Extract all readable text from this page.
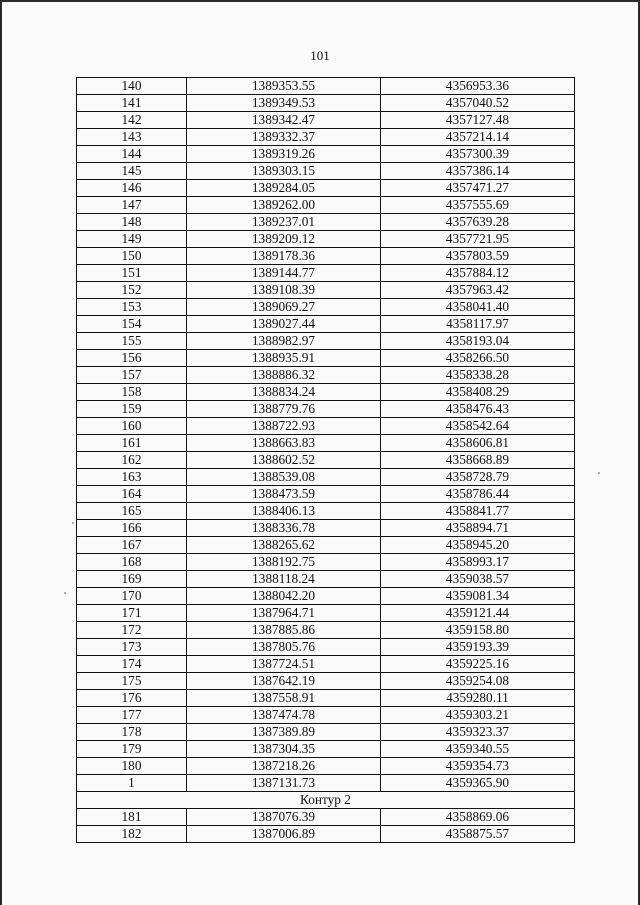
101
140	1389353.55	4356953.36
141	1389349.53	4357040.52
142	1389342.47	4357127.48
143	1389332.37	4357214.14
144	1389319.26	4357300.39
145	1389303.15	4357386.14
146	1389284.05	4357471.27
147	1389262.00	4357555.69
148	1389237.01	4357639.28
149	1389209.12	4357721.95
150	1389178.36	4357803.59
151	1389144.77	4357884.12
152	1389108.39	4357963.42
153	1389069.27	4358041.40
154	1389027.44	4358117.97
155	1388982.97	4358193.04
156	1388935.91	4358266.50
157	1388886.32	4358338.28
158	1388834.24	4358408.29
159	1388779.76	4358476.43
160	1388722.93	4358542.64
161	1388663.83	4358606.81
162	1388602.52	4358668.89
163	1388539.08	4358728.79
164	1388473.59	4358786.44
165	1388406.13	4358841.77
166	1388336.78	4358894.71
167	1388265.62	4358945.20
168	1388192.75	4358993.17
169	1388118.24	4359038.57
170	1388042.20	4359081.34
171	1387964.71	4359121.44
172	1387885.86	4359158.80
173	1387805.76	4359193.39
174	1387724.51	4359225.16
175	1387642.19	4359254.08
176	1387558.91	4359280.11
177	1387474.78	4359303.21
178	1387389.89	4359323.37
179	1387304.35	4359340.55
180	1387218.26	4359354.73
1	1387131.73	4359365.90
Контур 2		
181	1387076.39	4358869.06
182	1387006.89	4358875.57
